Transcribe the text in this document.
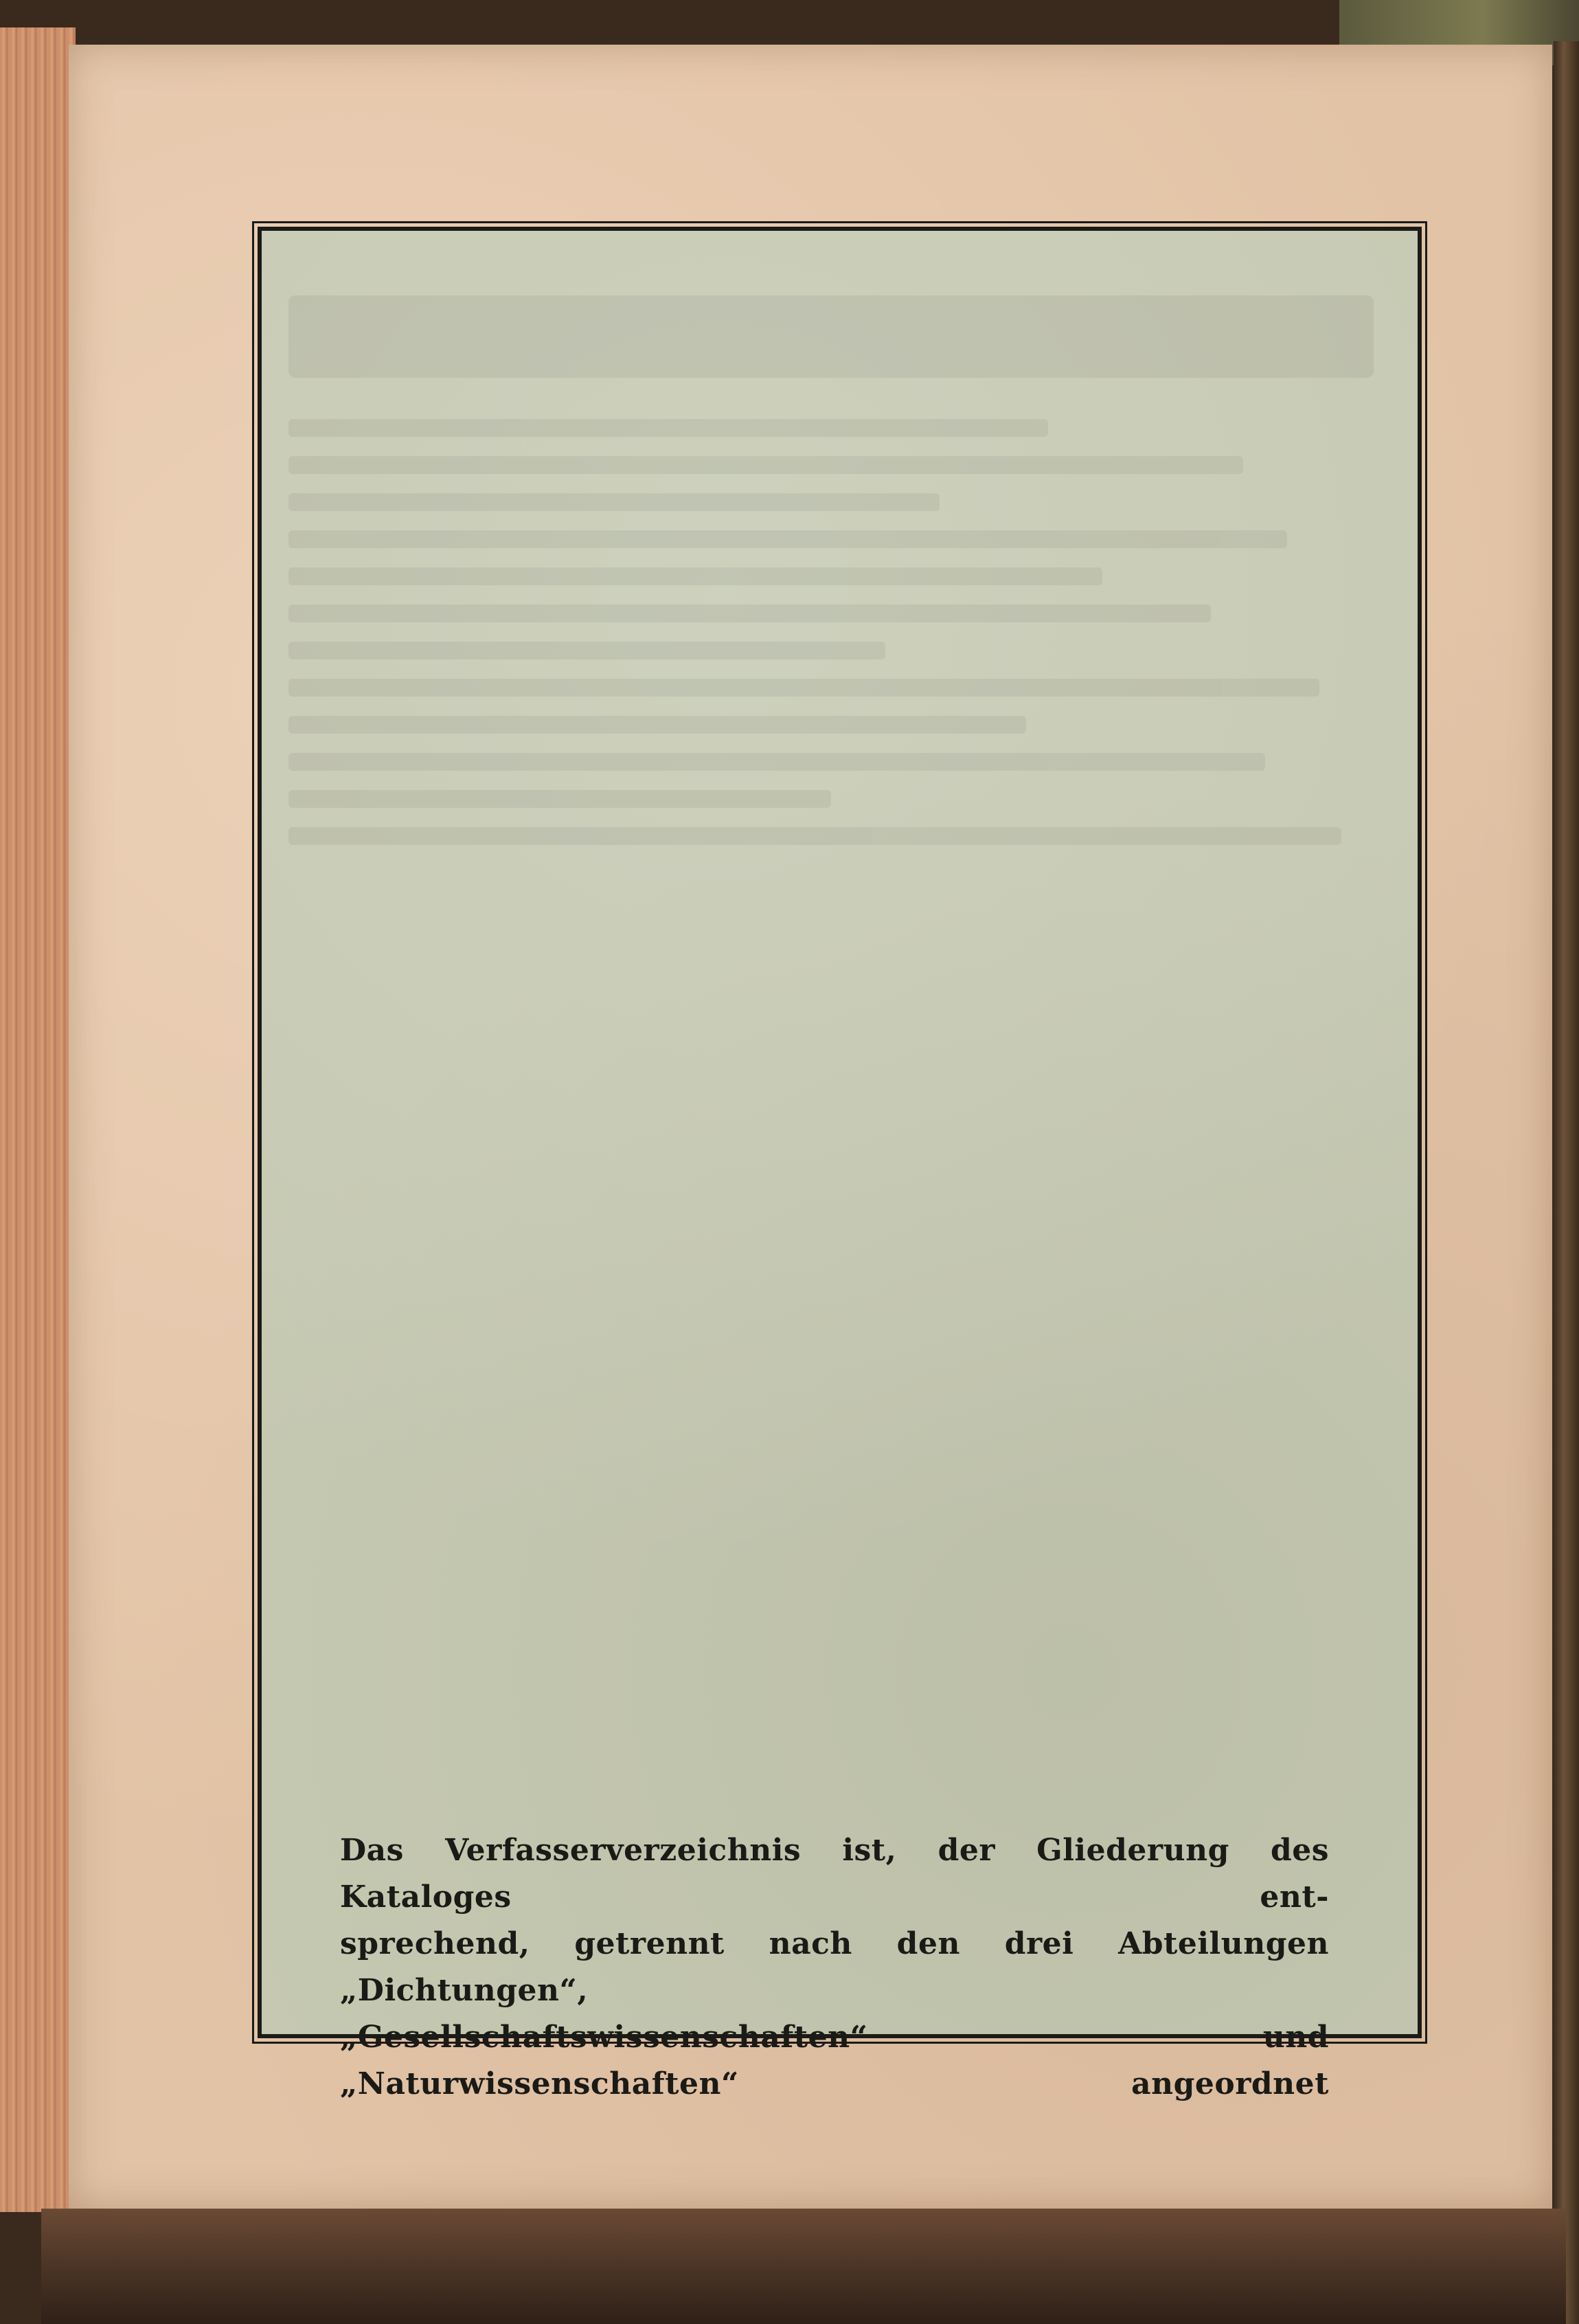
Das Verfasserverzeichnis ist, der Gliederung des Kataloges ent-
sprechend, getrennt nach den drei Abteilungen „Dichtungen“,
„Gesellschaftswissenschaften“ und „Naturwissenschaften“ angeordnet
